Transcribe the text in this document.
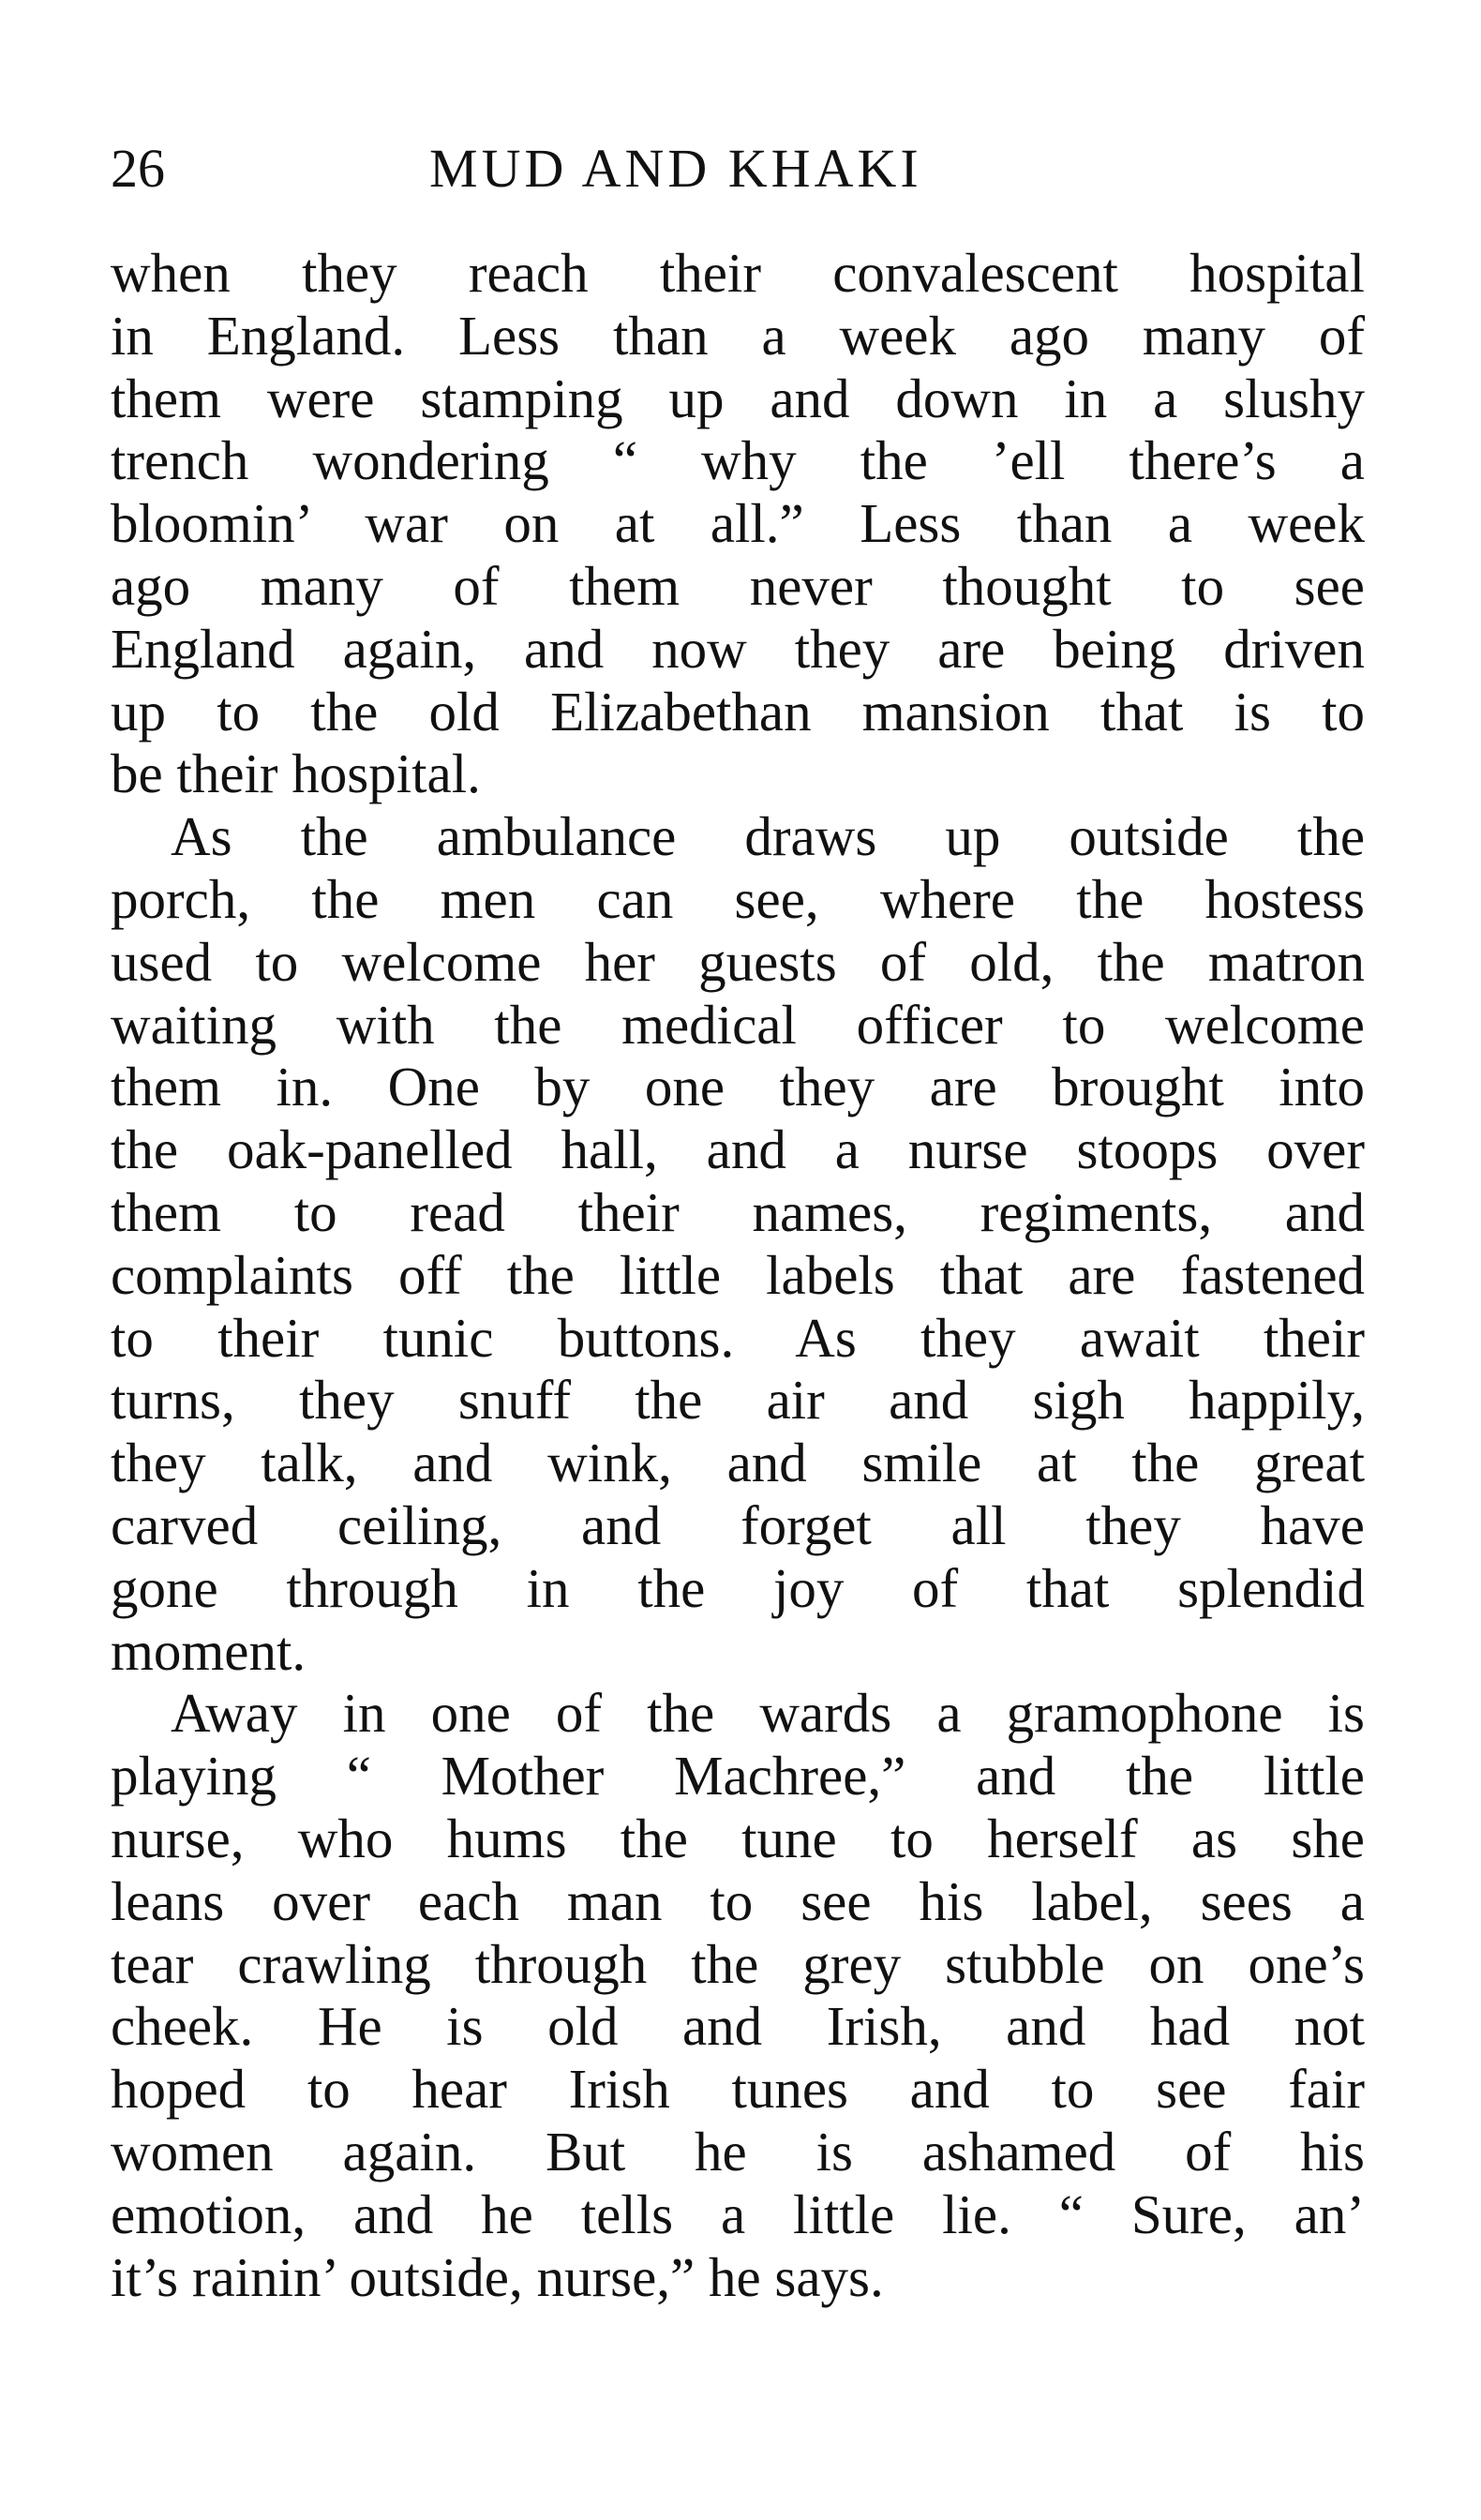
26	MUD AND KHAKI
when they reach their convalescent hospital
in England. Less than a week ago many of
them were stamping up and down in a slushy
trench wondering “ why the ’ell there’s a
bloomin’ war on at all.” Less than a week
ago many of them never thought to see
England again, and now they are being driven
up to the old Elizabethan mansion that is to
be their hospital.
As the ambulance draws up outside the
porch, the men can see, where the hostess
used to welcome her guests of old, the matron
waiting with the medical officer to welcome
them in. One by one they are brought into
the oak-panelled hall, and a nurse stoops over
them to read their names, regiments, and
complaints off the little labels that are fastened
to their tunic buttons. As they await their
turns, they snuff the air and sigh happily,
they talk, and wink, and smile at the great
carved ceiling, and forget all they have
gone through in the joy of that splendid
moment.
Away in one of the wards a gramophone is
playing “ Mother Machree,” and the little
nurse, who hums the tune to herself as she
leans over each man to see his label, sees a
tear crawling through the grey stubble on one’s
cheek. He is old and Irish, and had not
hoped to hear Irish tunes and to see fair
women again. But he is ashamed of his
emotion, and he tells a little lie. “ Sure, an’
it’s rainin’ outside, nurse,” he says.
